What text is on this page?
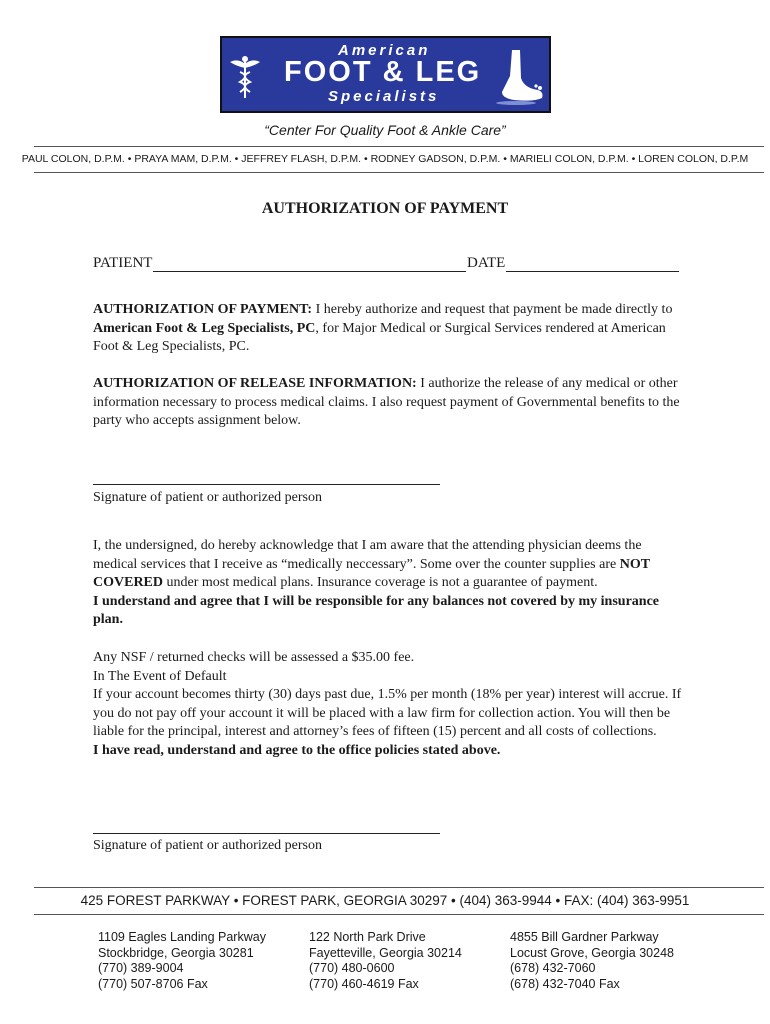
American
FOOT & LEG
Specialists
“Center For Quality Foot & Ankle Care”
PAUL COLON, D.P.M. • PRAYA MAM, D.P.M. • JEFFREY FLASH, D.P.M. • RODNEY GADSON, D.P.M. • MARIELI COLON, D.P.M. • LOREN COLON, D.P.M
AUTHORIZATION OF PAYMENT
PATIENT	DATE
AUTHORIZATION OF PAYMENT: I hereby authorize and request that payment be made directly to American Foot & Leg Specialists, PC, for Major Medical or Surgical Services rendered at American Foot & Leg Specialists, PC.
AUTHORIZATION OF RELEASE INFORMATION: I authorize the release of any medical or other information necessary to process medical claims. I also request payment of Governmental benefits to the party who accepts assignment below.
Signature of patient or authorized person
I, the undersigned, do hereby acknowledge that I am aware that the attending physician deems the medical services that I receive as “medically neccessary”. Some over the counter supplies are NOT COVERED under most medical plans. Insurance coverage is not a guarantee of payment.
I understand and agree that I will be responsible for any balances not covered by my insurance plan.
Any NSF / returned checks will be assessed a $35.00 fee.
In The Event of Default
If your account becomes thirty (30) days past due, 1.5% per month (18% per year) interest will accrue. If you do not pay off your account it will be placed with a law firm for collection action. You will then be liable for the principal, interest and attorney’s fees of fifteen (15) percent and all costs of collections.
I have read, understand and agree to the office policies stated above.
Signature of patient or authorized person
425 FOREST PARKWAY • FOREST PARK, GEORGIA 30297 • (404) 363-9944 • FAX: (404) 363-9951
1109 Eagles Landing Parkway
Stockbridge, Georgia 30281
(770) 389-9004
(770) 507-8706 Fax
122 North Park Drive
Fayetteville, Georgia 30214
(770) 480-0600
(770) 460-4619 Fax
4855 Bill Gardner Parkway
Locust Grove, Georgia 30248
(678) 432-7060
(678) 432-7040 Fax
